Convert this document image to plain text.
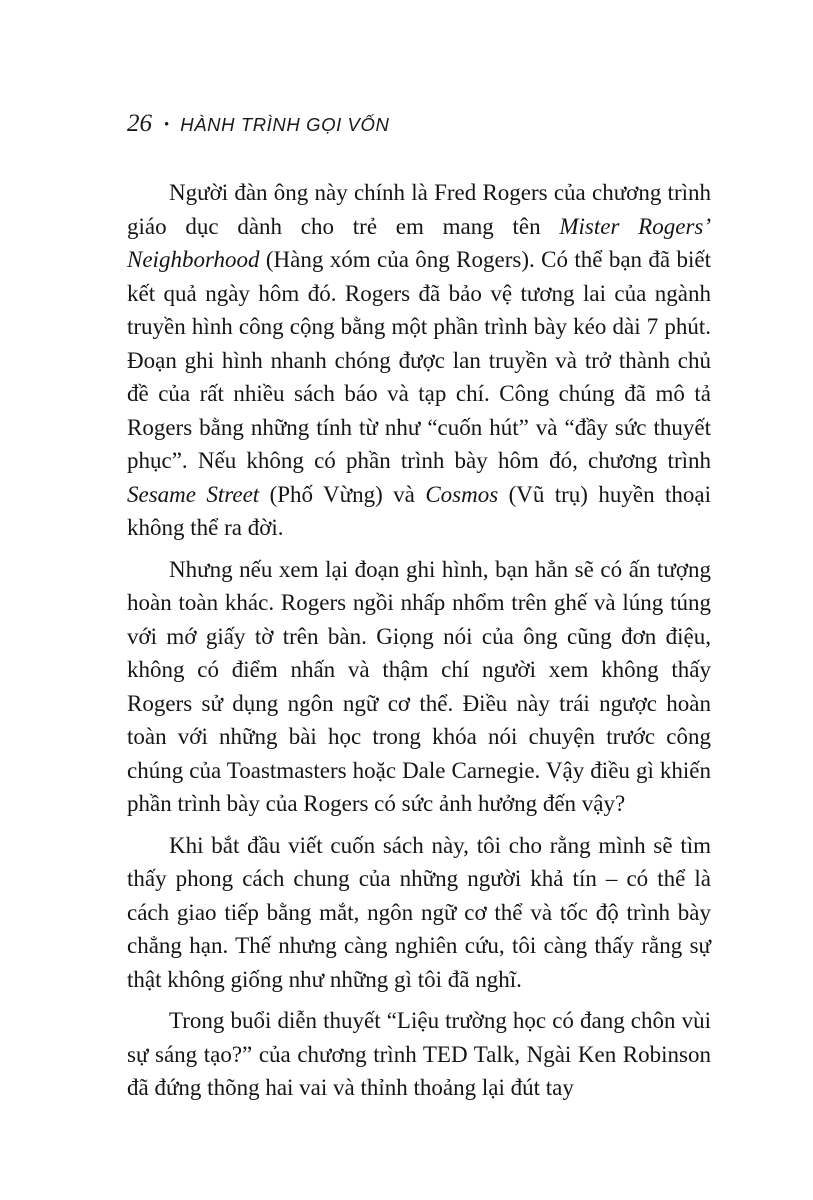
26 • HÀNH TRÌNH GỌI VỐN

Người đàn ông này chính là Fred Rogers của chương trình giáo dục dành cho trẻ em mang tên Mister Rogers’ Neighborhood (Hàng xóm của ông Rogers). Có thể bạn đã biết kết quả ngày hôm đó. Rogers đã bảo vệ tương lai của ngành truyền hình công cộng bằng một phần trình bày kéo dài 7 phút. Đoạn ghi hình nhanh chóng được lan truyền và trở thành chủ đề của rất nhiều sách báo và tạp chí. Công chúng đã mô tả Rogers bằng những tính từ như “cuốn hút” và “đầy sức thuyết phục”. Nếu không có phần trình bày hôm đó, chương trình Sesame Street (Phố Vừng) và Cosmos (Vũ trụ) huyền thoại không thể ra đời.

Nhưng nếu xem lại đoạn ghi hình, bạn hẳn sẽ có ấn tượng hoàn toàn khác. Rogers ngồi nhấp nhổm trên ghế và lúng túng với mớ giấy tờ trên bàn. Giọng nói của ông cũng đơn điệu, không có điểm nhấn và thậm chí người xem không thấy Rogers sử dụng ngôn ngữ cơ thể. Điều này trái ngược hoàn toàn với những bài học trong khóa nói chuyện trước công chúng của Toastmasters hoặc Dale Carnegie. Vậy điều gì khiến phần trình bày của Rogers có sức ảnh hưởng đến vậy?

Khi bắt đầu viết cuốn sách này, tôi cho rằng mình sẽ tìm thấy phong cách chung của những người khả tín – có thể là cách giao tiếp bằng mắt, ngôn ngữ cơ thể và tốc độ trình bày chẳng hạn. Thế nhưng càng nghiên cứu, tôi càng thấy rằng sự thật không giống như những gì tôi đã nghĩ.

Trong buổi diễn thuyết “Liệu trường học có đang chôn vùi sự sáng tạo?” của chương trình TED Talk, Ngài Ken Robinson đã đứng thõng hai vai và thỉnh thoảng lại đút tay
